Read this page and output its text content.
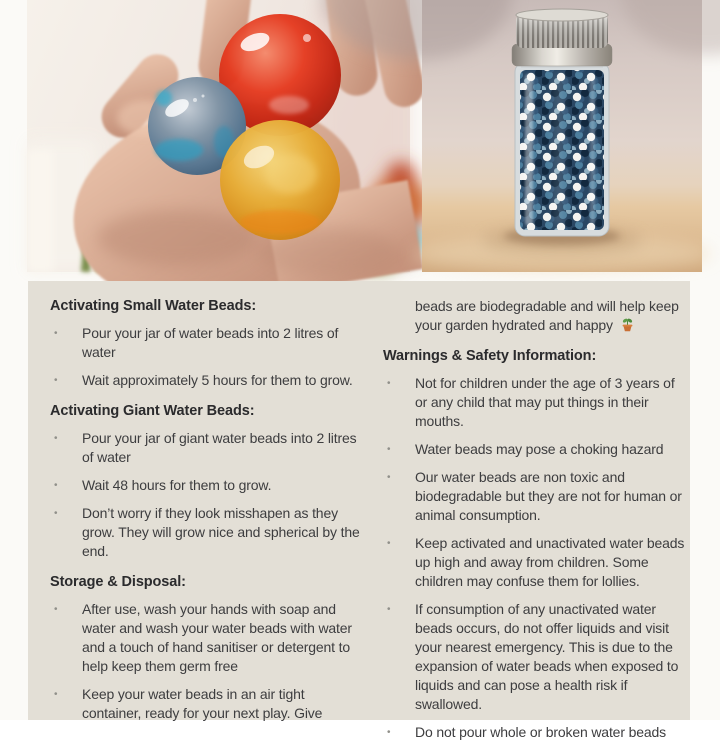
Activating Small Water Beads:
•	Pour your jar of water beads into 2 litres of water
•	Wait approximately 5 hours for them to grow.
Activating Giant Water Beads:
•	Pour your jar of giant water beads into 2 litres of water
•	Wait 48 hours for them to grow.
•	Don’t worry if they look misshapen as they grow. They will grow nice and spherical by the end.
Storage & Disposal:
•	After use, wash your hands with soap and water and wash your water beads with water and a touch of hand sanitiser or detergent to help keep them germ free
•	Keep your water beads in an air tight container, ready for your next play. Give

beads are biodegradable and will help keep your garden hydrated and happy

Warnings & Safety Information:
•	Not for children under the age of 3 years of or any child that may put things in their mouths.
•	Water beads may pose a choking hazard
•	Our water beads are non toxic and biodegradable but they are not for human or animal consumption.
•	Keep activated and unactivated water beads up high and away from children. Some children may confuse them for lollies.
•	If consumption of any unactivated water beads occurs, do not offer liquids and visit your nearest emergency. This is due to the expansion of water beads when exposed to liquids and can pose a health risk if swallowed.
•	Do not pour whole or broken water beads
